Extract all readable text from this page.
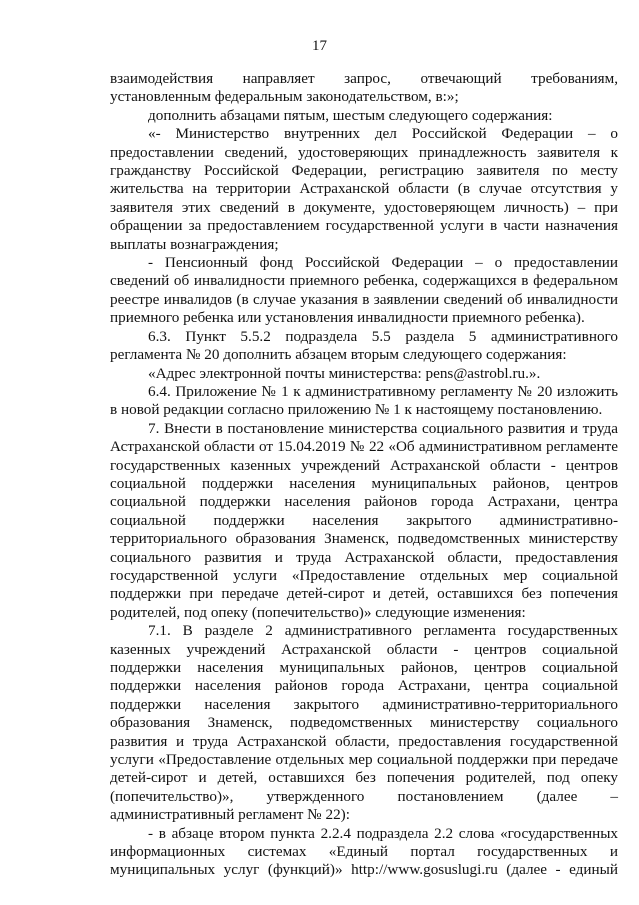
17

взаимодействия направляет запрос, отвечающий требованиям, установленным федеральным законодательством, в:»;

дополнить абзацами пятым, шестым следующего содержания:

«- Министерство внутренних дел Российской Федерации – о предоставлении сведений, удостоверяющих принадлежность заявителя к гражданству Российской Федерации, регистрацию заявителя по месту жительства на территории Астраханской области (в случае отсутствия у заявителя этих сведений в документе, удостоверяющем личность) – при обращении за предоставлением государственной услуги в части назначения выплаты вознаграждения;

- Пенсионный фонд Российской Федерации – о предоставлении сведений об инвалидности приемного ребенка, содержащихся в федеральном реестре инвалидов (в случае указания в заявлении сведений об инвалидности приемного ребенка или установления инвалидности приемного ребенка).

6.3. Пункт 5.5.2 подраздела 5.5 раздела 5 административного регламента № 20 дополнить абзацем вторым следующего содержания:

«Адрес электронной почты министерства: pens@astrobl.ru.».

6.4. Приложение № 1 к административному регламенту № 20 изложить в новой редакции согласно приложению № 1 к настоящему постановлению.

7. Внести в постановление министерства социального развития и труда Астраханской области от 15.04.2019 № 22 «Об административном регламенте государственных казенных учреждений Астраханской области - центров социальной поддержки населения муниципальных районов, центров социальной поддержки населения районов города Астрахани, центра социальной поддержки населения закрытого административно-территориального образования Знаменск, подведомственных министерству социального развития и труда Астраханской области, предоставления государственной услуги «Предоставление отдельных мер социальной поддержки при передаче детей-сирот и детей, оставшихся без попечения родителей, под опеку (попечительство)» следующие изменения:

7.1. В разделе 2 административного регламента государственных казенных учреждений Астраханской области - центров социальной поддержки населения муниципальных районов, центров социальной поддержки населения районов города Астрахани, центра социальной поддержки населения закрытого административно-территориального образования Знаменск, подведомственных министерству социального развития и труда Астраханской области, предоставления государственной услуги «Предоставление отдельных мер социальной поддержки при передаче детей-сирот и детей, оставшихся без попечения родителей, под опеку (попечительство)», утвержденного постановлением (далее – административный регламент № 22):

- в абзаце втором пункта 2.2.4 подраздела 2.2 слова «государственных информационных системах «Единый портал государственных и муниципальных услуг (функций)» http://www.gosuslugi.ru (далее - единый
